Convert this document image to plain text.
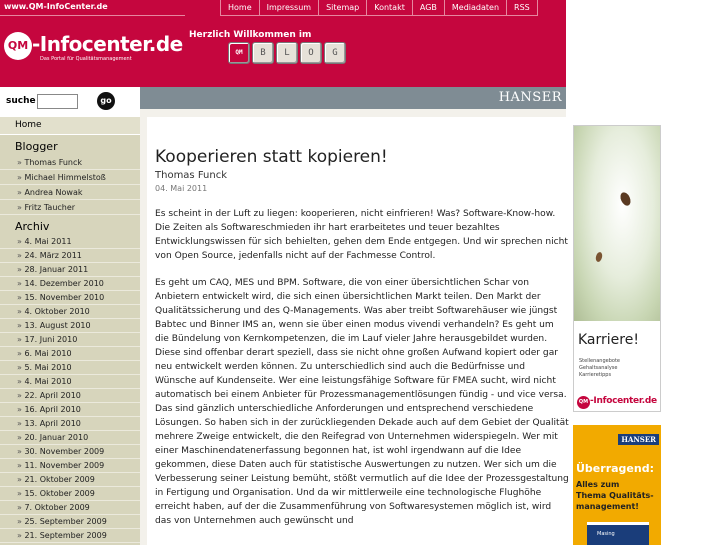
www.QM-InfoCenter.de	Home	Impressum	Sitemap	Kontakt	AGB	Mediadaten	RSS
QM -Infocenter.de
Das Portal für Qualitätsmanagement
Herzlich Willkommen im
QM	B	L	O	G
suche	go	HANSER
Home
Blogger
» Thomas Funck
» Michael Himmelstoß
» Andrea Nowak
» Fritz Taucher
Archiv
» 4. Mai 2011
» 24. März 2011
» 28. Januar 2011
» 14. Dezember 2010
» 15. November 2010
» 4. Oktober 2010
» 13. August 2010
» 17. Juni 2010
» 6. Mai 2010
» 5. Mai 2010
» 4. Mai 2010
» 22. April 2010
» 16. April 2010
» 13. April 2010
» 20. Januar 2010
» 30. November 2009
» 11. November 2009
» 21. Oktober 2009
» 15. Oktober 2009
» 7. Oktober 2009
» 25. September 2009
» 21. September 2009
Kooperieren statt kopieren!
Thomas Funck
04. Mai 2011

Es scheint in der Luft zu liegen: kooperieren, nicht einfrieren! Was? Software-Know-how. Die Zeiten als Softwareschmieden ihr hart erarbeitetes und teuer bezahltes Entwicklungswissen für sich behielten, gehen dem Ende entgegen. Und wir sprechen nicht von Open Source, jedenfalls nicht auf der Fachmesse Control.

Es geht um CAQ, MES und BPM. Software, die von einer übersichtlichen Schar von Anbietern entwickelt wird, die sich einen übersichtlichen Markt teilen. Den Markt der Qualitätssicherung und des Q-Managements. Was aber treibt Softwarehäuser wie jüngst Babtec und Binner IMS an, wenn sie über einen modus vivendi verhandeln? Es geht um die Bündelung von Kernkompetenzen, die im Lauf vieler Jahre herausgebildet wurden. Diese sind offenbar derart speziell, dass sie nicht ohne großen Aufwand kopiert oder gar neu entwickelt werden können. Zu unterschiedlich sind auch die Bedürfnisse und Wünsche auf Kundenseite. Wer eine leistungsfähige Software für FMEA sucht, wird nicht automatisch bei einem Anbieter für Prozessmanagementlösungen fündig - und vice versa. Das sind gänzlich unterschiedliche Anforderungen und entsprechend verschiedene Lösungen. So haben sich in der zurückliegenden Dekade auch auf dem Gebiet der Qualität mehrere Zweige entwickelt, die den Reifegrad von Unternehmen widerspiegeln. Wer mit einer Maschinendatenerfassung begonnen hat, ist wohl irgendwann auf die Idee gekommen, diese Daten auch für statistische Auswertungen zu nutzen. Wer sich um die Verbesserung seiner Leistung bemüht, stößt vermutlich auf die Idee der Prozessgestaltung in Fertigung und Organisation. Und da wir mittlerweile eine technologische Flughöhe erreicht haben, auf der die Zusammenführung von Softwaresystemen möglich ist, wird das von Unternehmen auch gewünscht und

Karriere!
Stellenangebote
Gehaltsanalyse
Karrieretipps
QM -Infocenter.de
HANSER
Überragend:
Alles zum
Thema Qualitäts-
management!
Masing
